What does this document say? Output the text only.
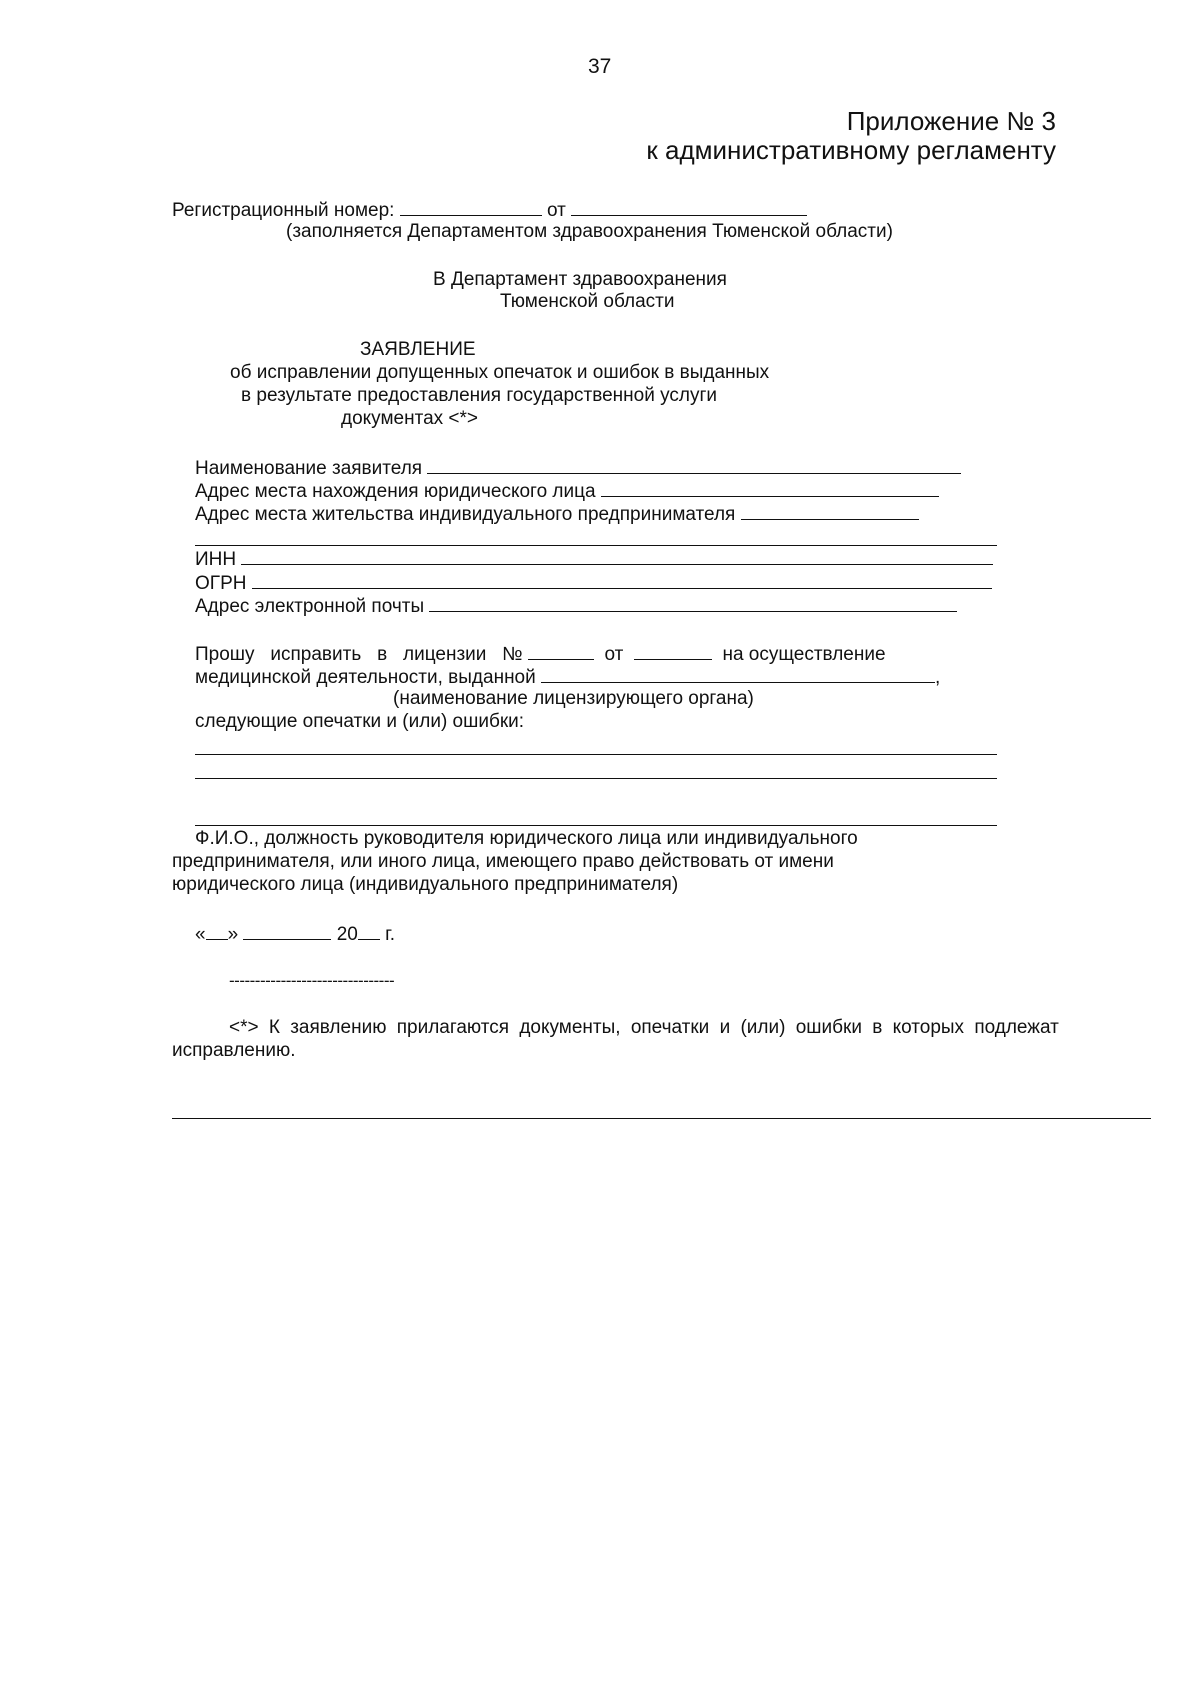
37
Приложение № 3
к административному регламенту
Регистрационный номер:	от
(заполняется Департаментом здравоохранения Тюменской области)
В Департамент здравоохранения
Тюменской области
ЗАЯВЛЕНИЕ
об исправлении допущенных опечаток и ошибок в выданных
в результате предоставления государственной услуги
документах <*>
Наименование заявителя
Адрес места нахождения юридического лица
Адрес места жительства индивидуального предпринимателя
ИНН
ОГРН
Адрес электронной почты
Прошу исправить в лицензии №	от	на осуществление
медицинской деятельности, выданной	,
(наименование лицензирующего органа)
следующие опечатки и (или) ошибки:
Ф.И.О., должность руководителя юридического лица или индивидуального
предпринимателя, или иного лица, имеющего право действовать от имени
юридического лица (индивидуального предпринимателя)
« »	20 г.
--------------------------------
<*> К заявлению прилагаются документы, опечатки и (или) ошибки в которых подлежат
исправлению.
